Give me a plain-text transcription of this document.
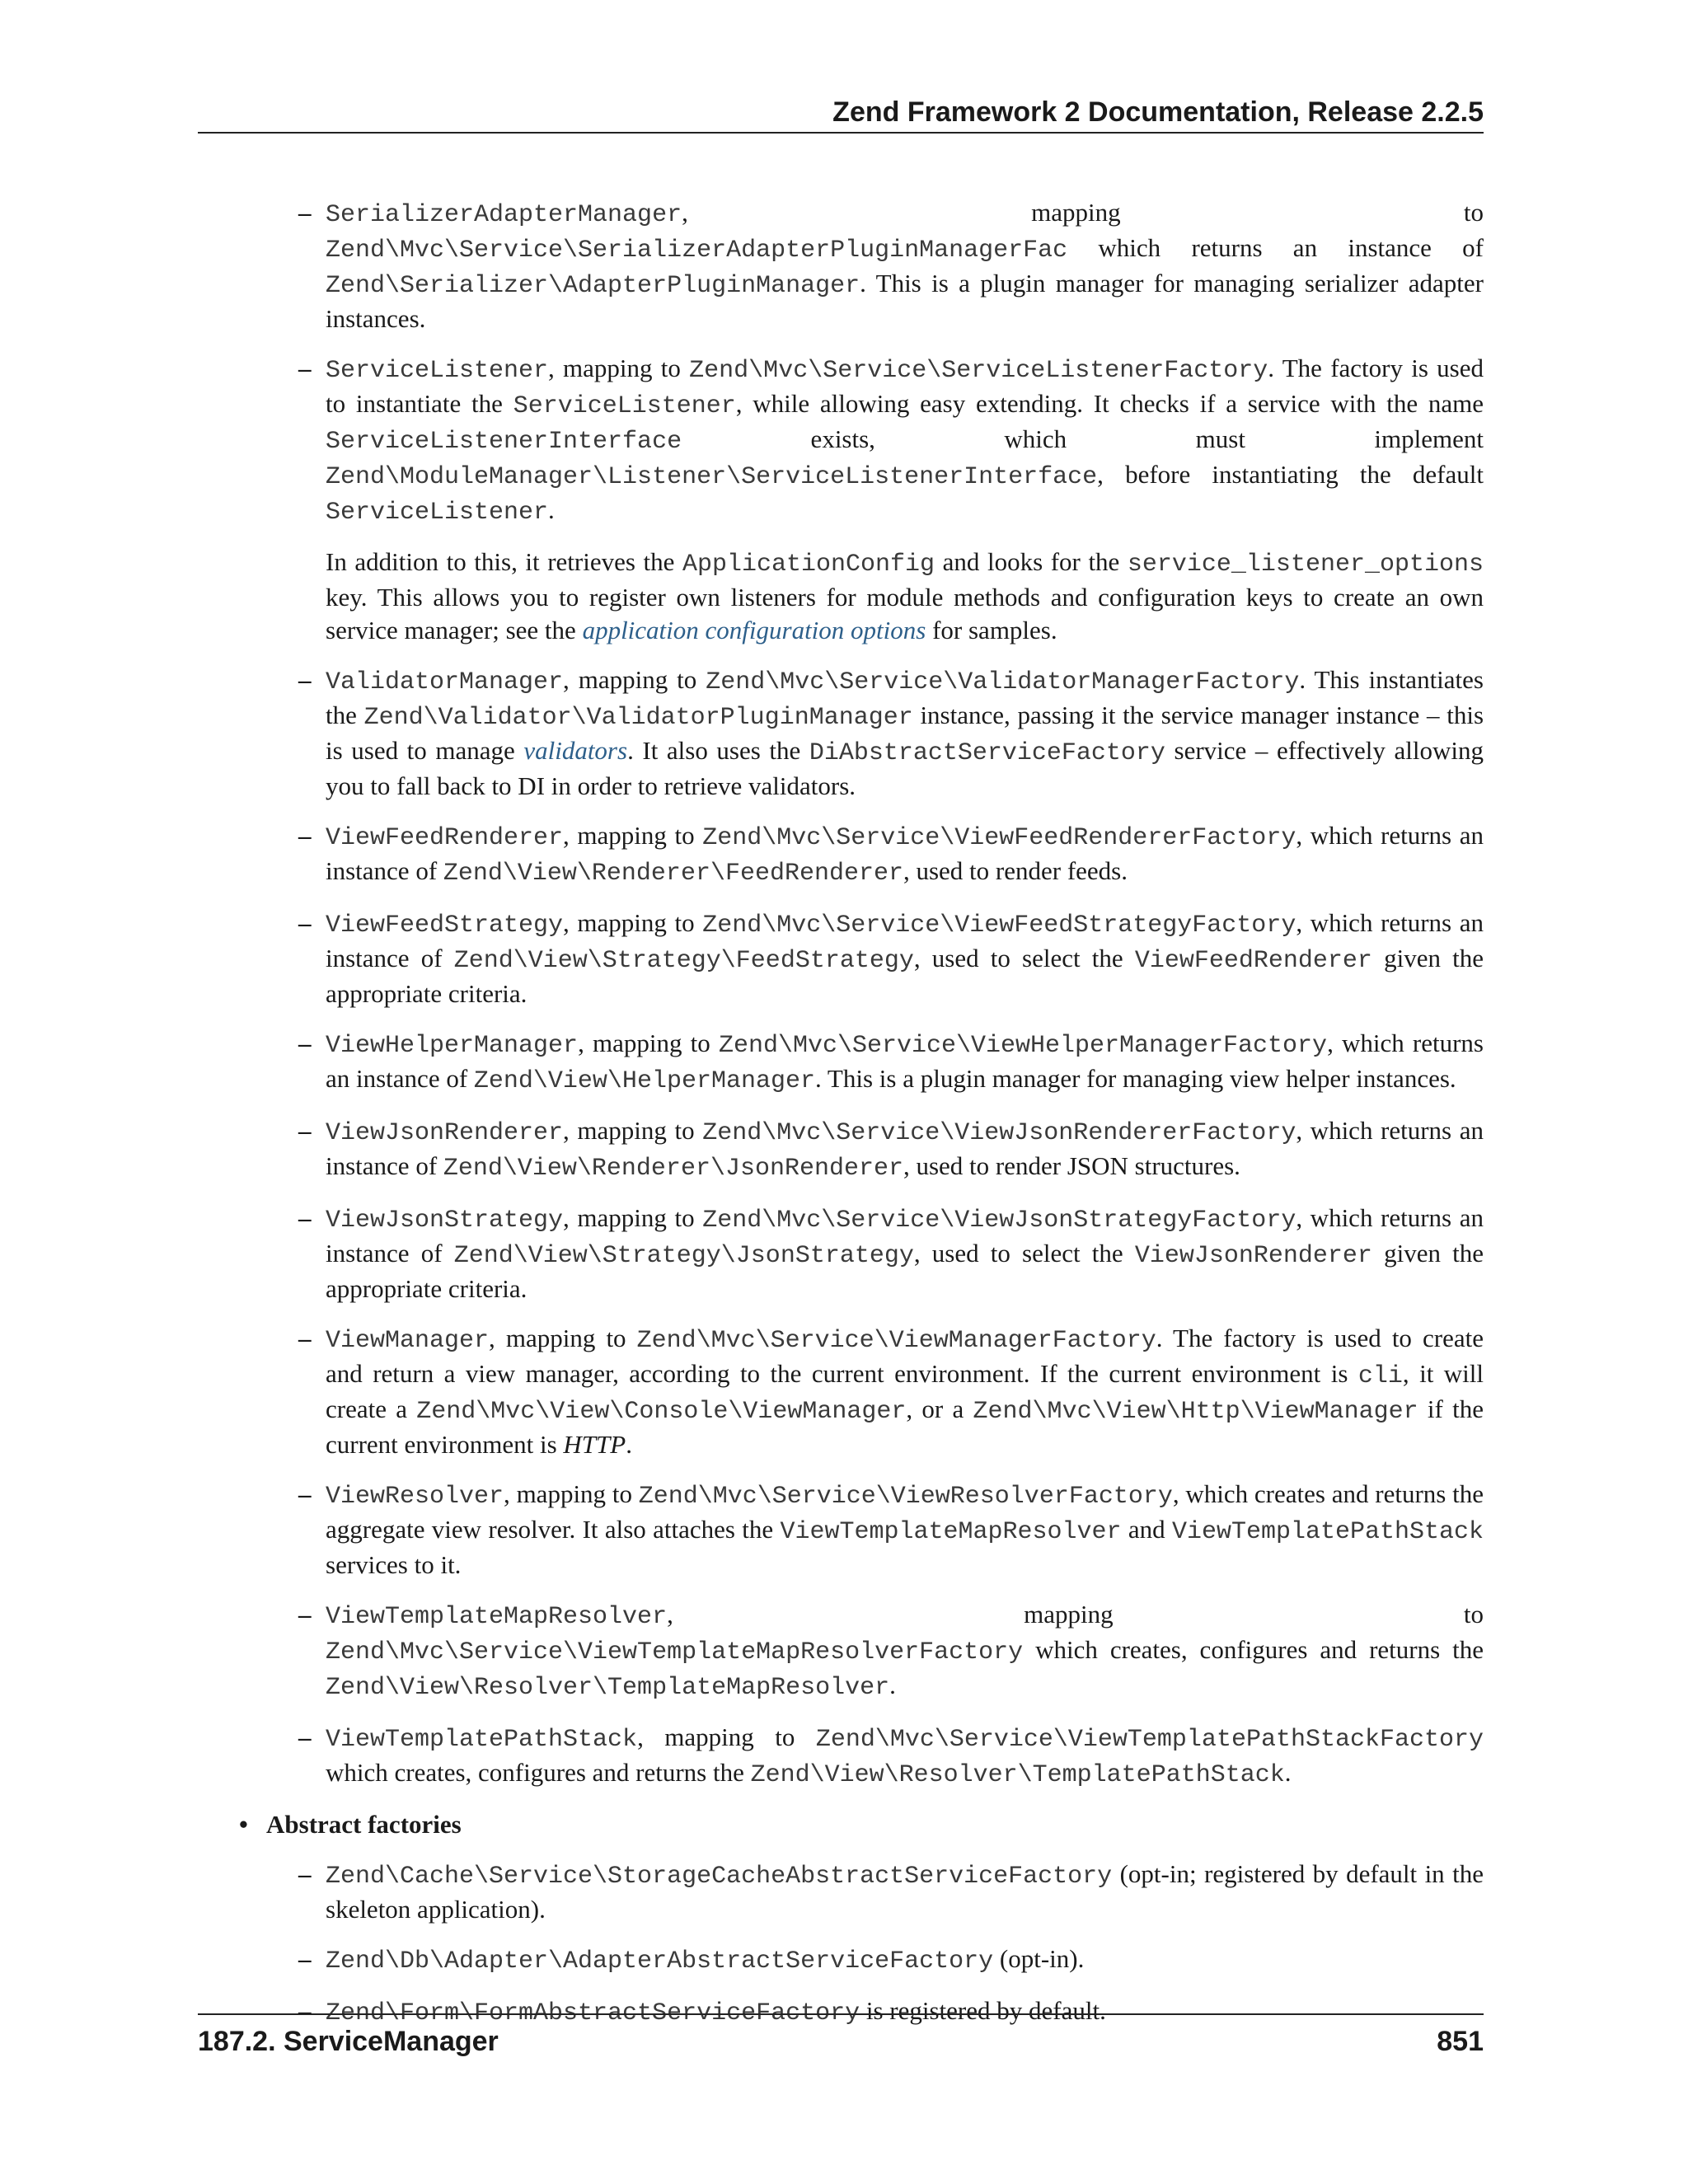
Zend Framework 2 Documentation, Release 2.2.5
– SerializerAdapterManager, mapping to Zend\Mvc\Service\SerializerAdapterPluginManagerFac which returns an instance of Zend\Serializer\AdapterPluginManager. This is a plugin manager for managing serializer adapter instances.

– ServiceListener, mapping to Zend\Mvc\Service\ServiceListenerFactory. The factory is used to instantiate the ServiceListener, while allowing easy extending. It checks if a service with the name ServiceListenerInterface exists, which must implement Zend\ModuleManager\Listener\ServiceListenerInterface, before instantiating the default ServiceListener.

In addition to this, it retrieves the ApplicationConfig and looks for the service_listener_options key. This allows you to register own listeners for module methods and configuration keys to create an own service manager; see the application configuration options for samples.

– ValidatorManager, mapping to Zend\Mvc\Service\ValidatorManagerFactory. This instantiates the Zend\Validator\ValidatorPluginManager instance, passing it the service manager instance – this is used to manage validators. It also uses the DiAbstractServiceFactory service – effectively allowing you to fall back to DI in order to retrieve validators.

– ViewFeedRenderer, mapping to Zend\Mvc\Service\ViewFeedRendererFactory, which returns an instance of Zend\View\Renderer\FeedRenderer, used to render feeds.

– ViewFeedStrategy, mapping to Zend\Mvc\Service\ViewFeedStrategyFactory, which returns an instance of Zend\View\Strategy\FeedStrategy, used to select the ViewFeedRenderer given the appropriate criteria.

– ViewHelperManager, mapping to Zend\Mvc\Service\ViewHelperManagerFactory, which returns an instance of Zend\View\HelperManager. This is a plugin manager for managing view helper instances.

– ViewJsonRenderer, mapping to Zend\Mvc\Service\ViewJsonRendererFactory, which returns an instance of Zend\View\Renderer\JsonRenderer, used to render JSON structures.

– ViewJsonStrategy, mapping to Zend\Mvc\Service\ViewJsonStrategyFactory, which returns an instance of Zend\View\Strategy\JsonStrategy, used to select the ViewJsonRenderer given the appropriate criteria.

– ViewManager, mapping to Zend\Mvc\Service\ViewManagerFactory. The factory is used to create and return a view manager, according to the current environment. If the current environment is cli, it will create a Zend\Mvc\View\Console\ViewManager, or a Zend\Mvc\View\Http\ViewManager if the current environment is HTTP.

– ViewResolver, mapping to Zend\Mvc\Service\ViewResolverFactory, which creates and returns the aggregate view resolver. It also attaches the ViewTemplateMapResolver and ViewTemplatePathStack services to it.

– ViewTemplateMapResolver, mapping to Zend\Mvc\Service\ViewTemplateMapResolverFactory which creates, configures and returns the Zend\View\Resolver\TemplateMapResolver.

– ViewTemplatePathStack, mapping to Zend\Mvc\Service\ViewTemplatePathStackFactory which creates, configures and returns the Zend\View\Resolver\TemplatePathStack.

• Abstract factories
– Zend\Cache\Service\StorageCacheAbstractServiceFactory (opt-in; registered by default in the skeleton application).

– Zend\Db\Adapter\AdapterAbstractServiceFactory (opt-in).

– Zend\Form\FormAbstractServiceFactory is registered by default.

187.2. ServiceManager	851
